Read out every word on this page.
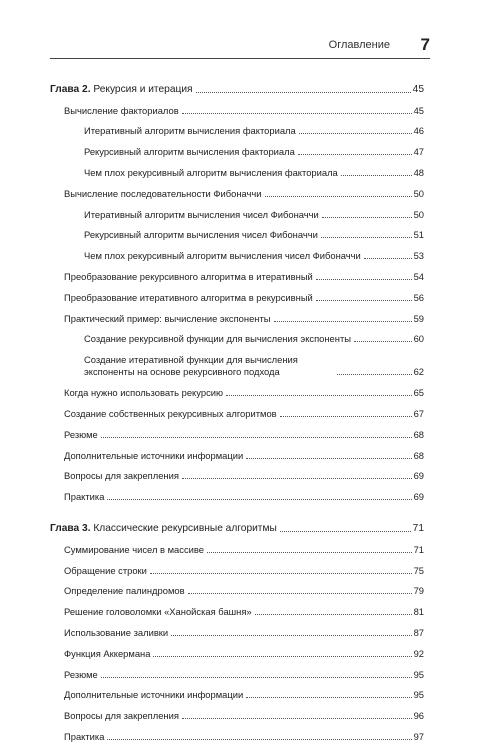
Оглавление 7
Глава 2. Рекурсия и итерация	45
Вычисление факториалов	45
Итеративный алгоритм вычисления факториала	46
Рекурсивный алгоритм вычисления факториала	47
Чем плох рекурсивный алгоритм вычисления факториала	48
Вычисление последовательности Фибоначчи	50
Итеративный алгоритм вычисления чисел Фибоначчи	50
Рекурсивный алгоритм вычисления чисел Фибоначчи	51
Чем плох рекурсивный алгоритм вычисления чисел Фибоначчи	53
Преобразование рекурсивного алгоритма в итеративный	54
Преобразование итеративного алгоритма в рекурсивный	56
Практический пример: вычисление экспоненты	59
Создание рекурсивной функции для вычисления экспоненты	60
Создание итеративной функции для вычисления экспоненты на основе рекурсивного подхода	62
Когда нужно использовать рекурсию	65
Создание собственных рекурсивных алгоритмов	67
Резюме	68
Дополнительные источники информации	68
Вопросы для закрепления	69
Практика	69
Глава 3. Классические рекурсивные алгоритмы	71
Суммирование чисел в массиве	71
Обращение строки	75
Определение палиндромов	79
Решение головоломки «Ханойская башня»	81
Использование заливки	87
Функция Аккермана	92
Резюме	95
Дополнительные источники информации	95
Вопросы для закрепления	96
Практика	97
